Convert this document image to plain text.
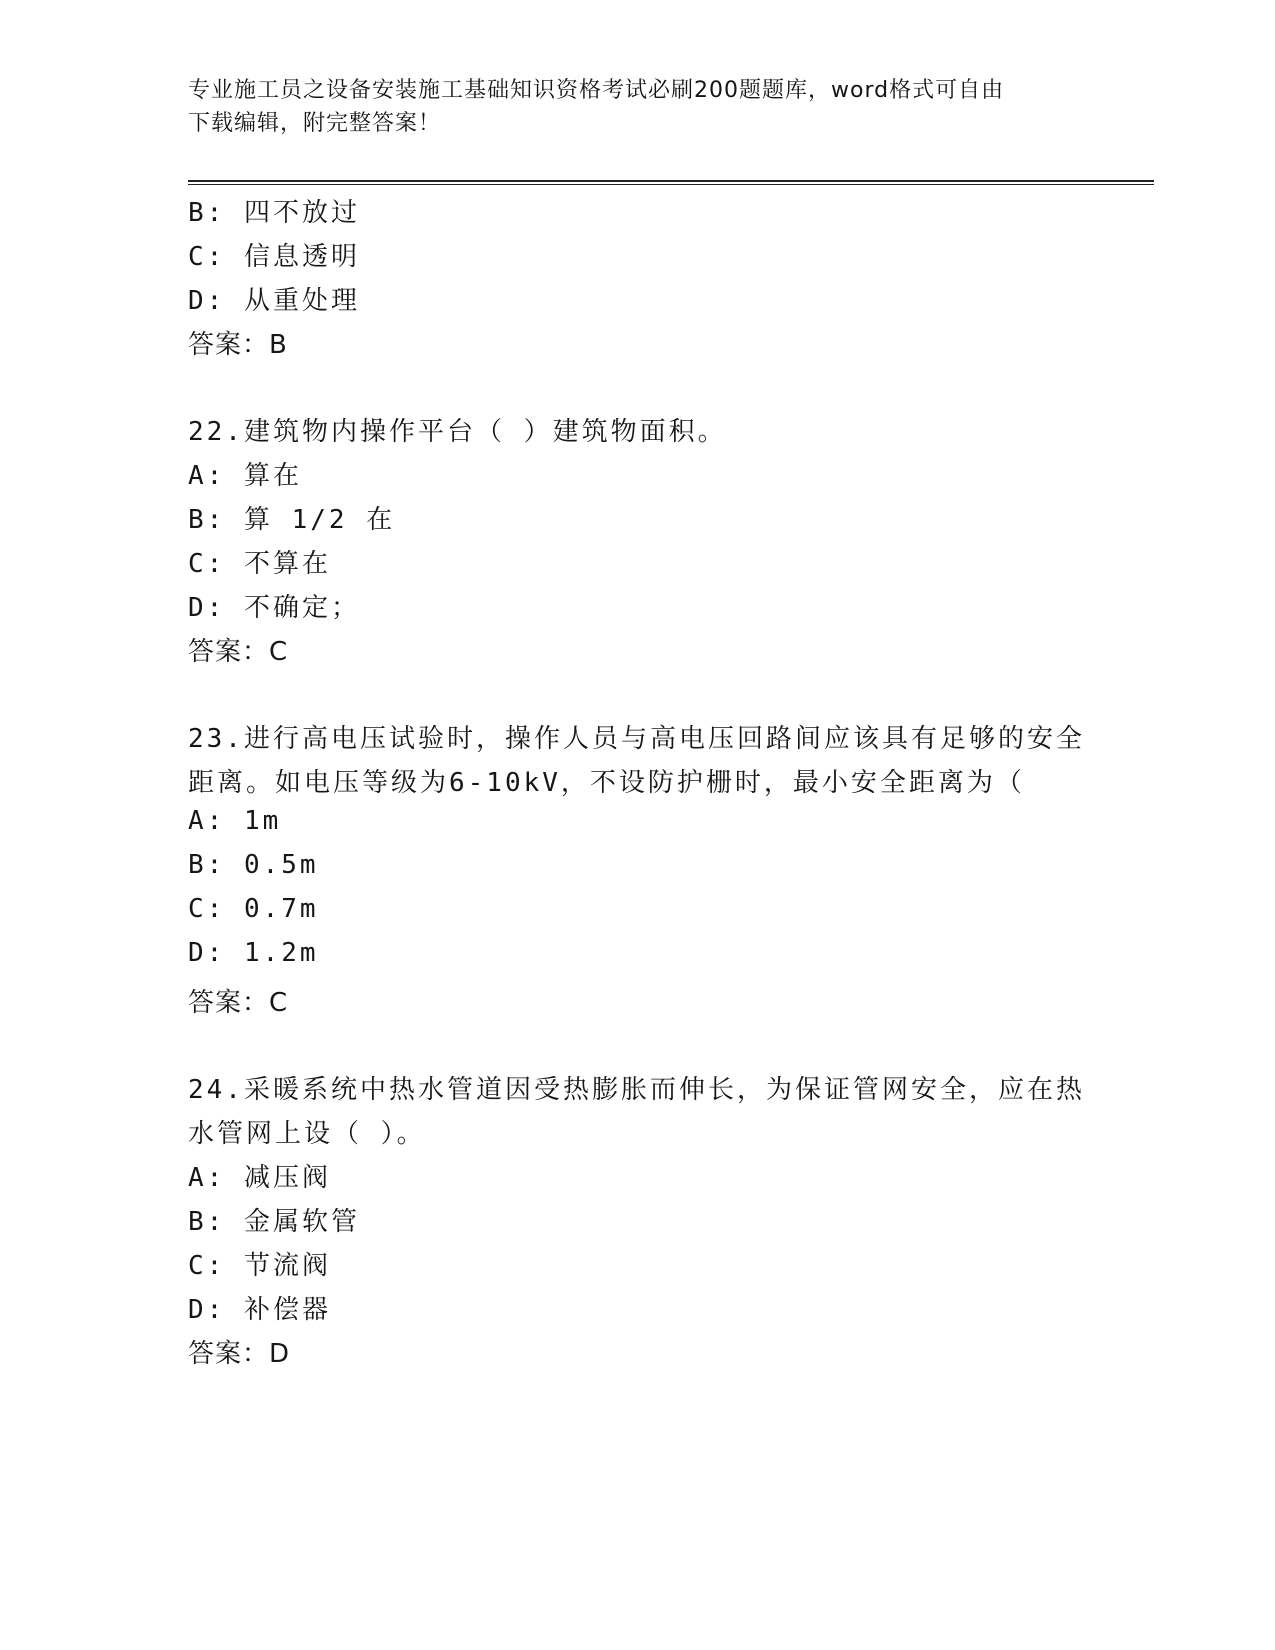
专业施工员之设备安装施工基础知识资格考试必刷200题题库，word格式可自由
下载编辑，附完整答案！
B: 四不放过
C: 信息透明
D: 从重处理
答案：B
22.建筑物内操作平台（ ）建筑物面积。
A: 算在
B: 算 1/2 在
C: 不算在
D: 不确定；
答案：C
23.进行高电压试验时，操作人员与高电压回路间应该具有足够的安全
距离。如电压等级为6-10kV，不设防护栅时，最小安全距离为（
A: 1m
B: 0.5m
C: 0.7m
D: 1.2m
答案：C
24.采暖系统中热水管道因受热膨胀而伸长，为保证管网安全，应在热
水管网上设（ ）。
A: 减压阀
B: 金属软管
C: 节流阀
D: 补偿器
答案：D
